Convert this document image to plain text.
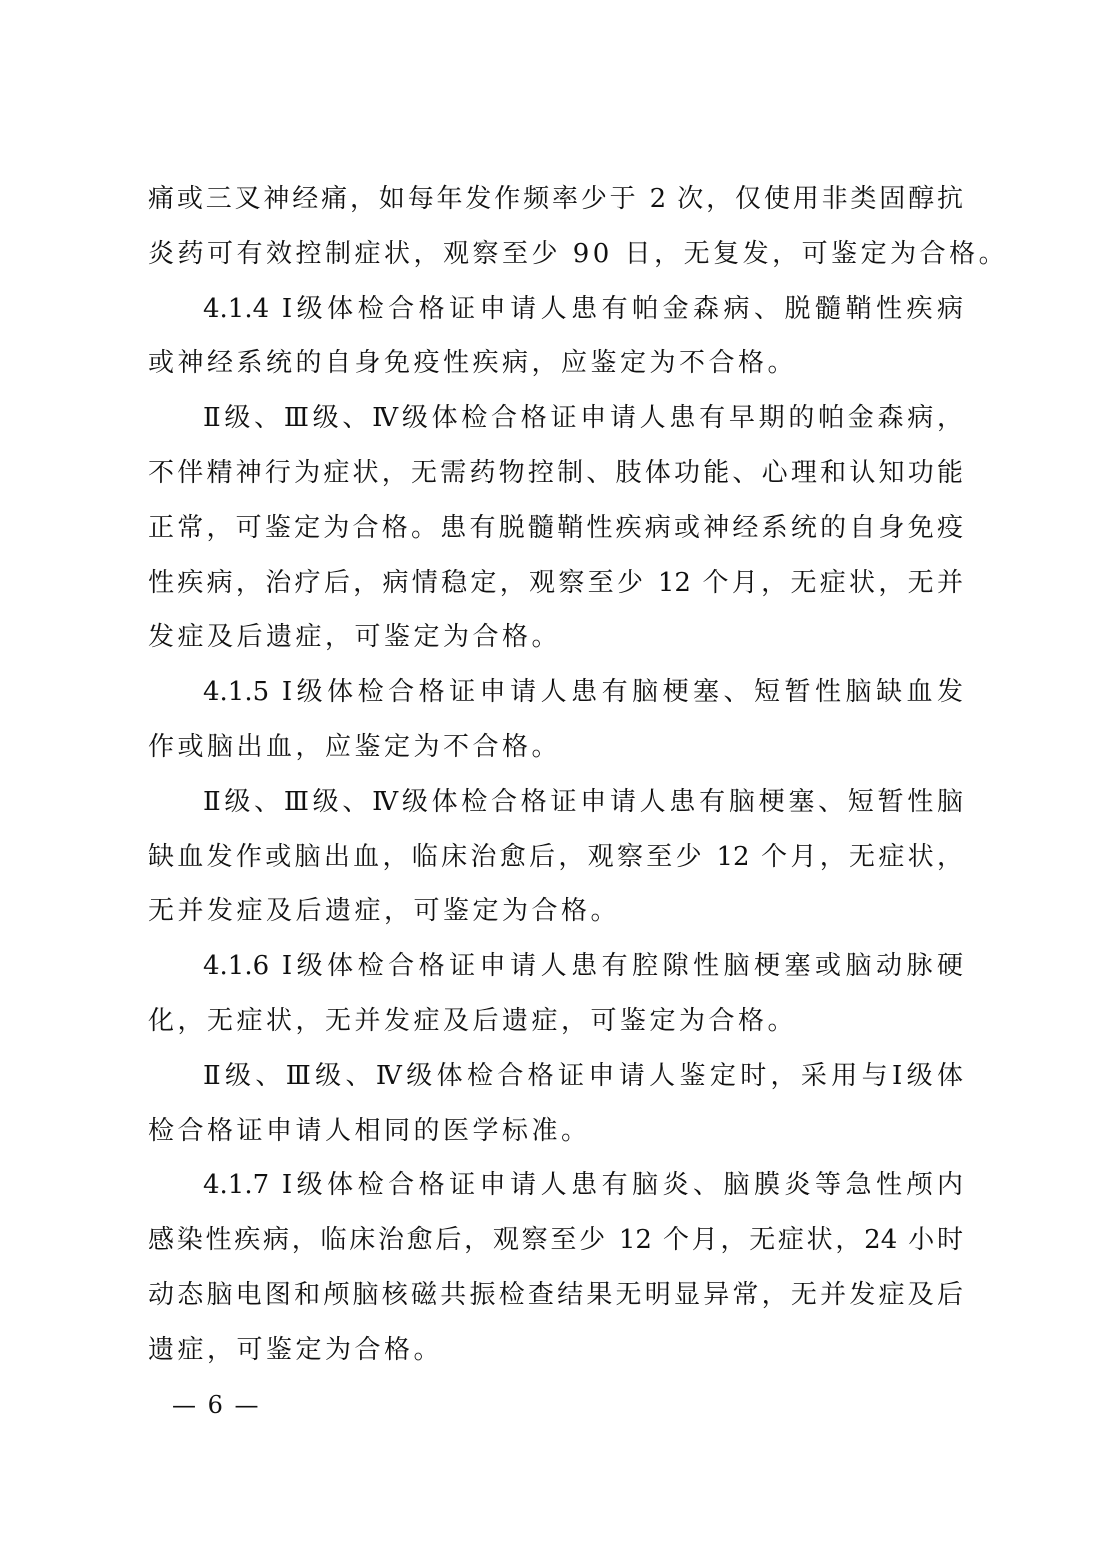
痛或三叉神经痛，如每年发作频率少于 2 次，仅使用非类固醇抗
炎药可有效控制症状，观察至少 90 日，无复发，可鉴定为合格。
4.1.4 Ⅰ级体检合格证申请人患有帕金森病、脱髓鞘性疾病
或神经系统的自身免疫性疾病，应鉴定为不合格。
Ⅱ级、Ⅲ级、Ⅳ级体检合格证申请人患有早期的帕金森病，
不伴精神行为症状，无需药物控制、肢体功能、心理和认知功能
正常，可鉴定为合格。患有脱髓鞘性疾病或神经系统的自身免疫
性疾病，治疗后，病情稳定，观察至少 12 个月，无症状，无并
发症及后遗症，可鉴定为合格。
4.1.5 Ⅰ级体检合格证申请人患有脑梗塞、短暂性脑缺血发
作或脑出血，应鉴定为不合格。
Ⅱ级、Ⅲ级、Ⅳ级体检合格证申请人患有脑梗塞、短暂性脑
缺血发作或脑出血，临床治愈后，观察至少 12 个月，无症状，
无并发症及后遗症，可鉴定为合格。
4.1.6 Ⅰ级体检合格证申请人患有腔隙性脑梗塞或脑动脉硬
化，无症状，无并发症及后遗症，可鉴定为合格。
Ⅱ级、Ⅲ级、Ⅳ级体检合格证申请人鉴定时，采用与Ⅰ级体
检合格证申请人相同的医学标准。
4.1.7 Ⅰ级体检合格证申请人患有脑炎、脑膜炎等急性颅内
感染性疾病，临床治愈后，观察至少 12 个月，无症状，24 小时
动态脑电图和颅脑核磁共振检查结果无明显异常，无并发症及后
遗症，可鉴定为合格。
— 6 —
